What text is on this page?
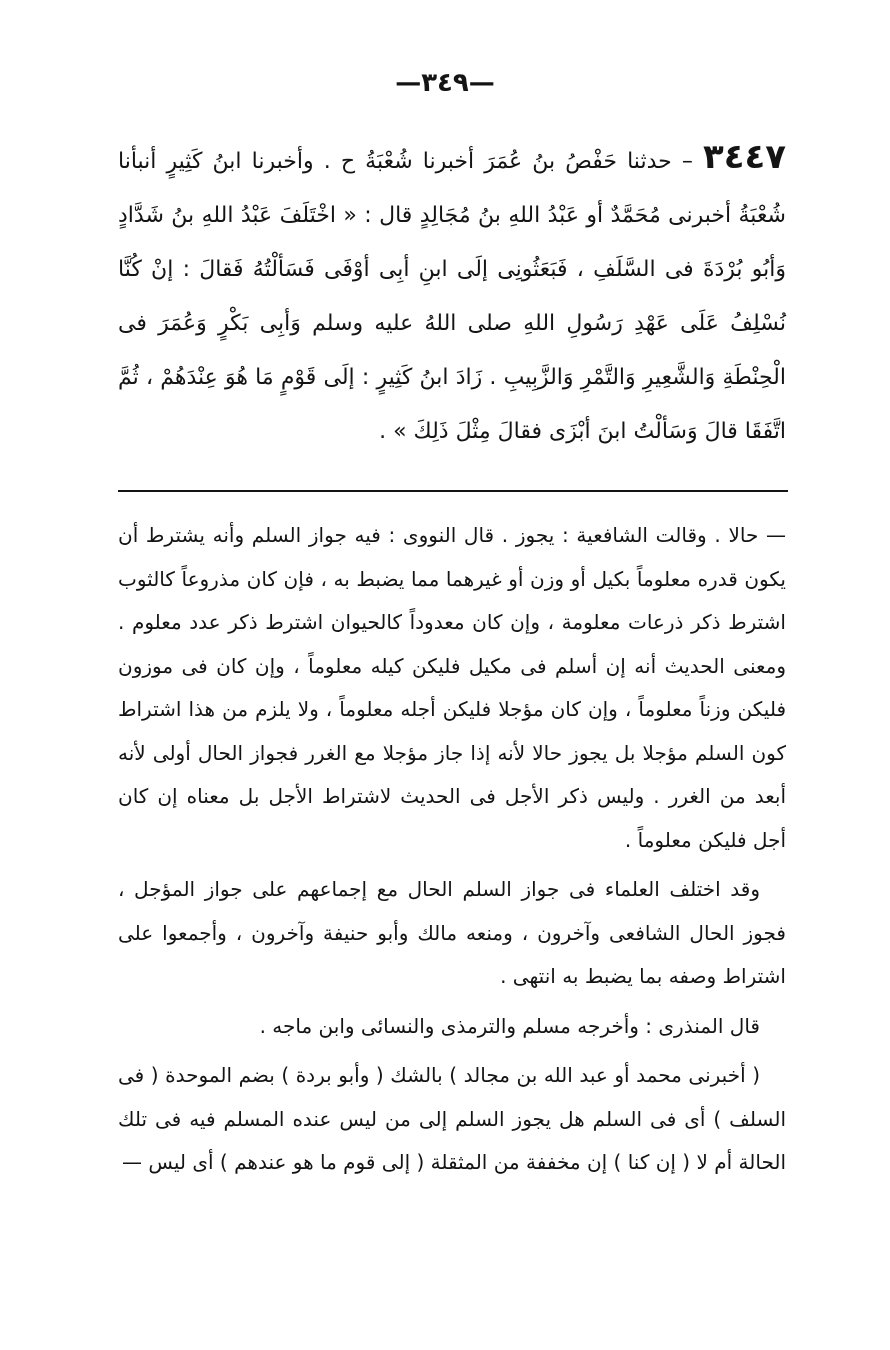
—٣٤٩—
٣٤٤٧ – حدثنا حَفْصُ بنُ عُمَرَ أخبرنا شُعْبَةُ ح . وأخبرنا ابنُ كَثِيرٍ أنبأنا شُعْبَةُ أخبرنى مُحَمَّدٌ أو عَبْدُ اللهِ بنُ مُجَالِدٍ قال : « اخْتَلَفَ عَبْدُ اللهِ بنُ شَدَّادٍ وَأبُو بُرْدَةَ فى السَّلَفِ ، فَبَعَثُونِى إلَى ابنِ أبِى أوْفَى فَسَألْتُهُ فَقالَ : إنْ كُنَّا نُسْلِفُ عَلَى عَهْدِ رَسُولِ اللهِ صلى اللهُ عليه وسلم وَأبِى بَكْرٍ وَعُمَرَ فى الْحِنْطَةِ وَالشَّعِيرِ وَالتَّمْرِ وَالزَّبِيبِ . زَادَ ابنُ كَثِيرٍ : إلَى قَوْمٍ مَا هُوَ عِنْدَهُمْ ، ثُمَّ اتَّفَقَا قالَ وَسَألْتُ ابنَ أبْزَى فقالَ مِثْلَ ذَلِكَ » .

— حالا . وقالت الشافعية : يجوز . قال النووى : فيه جواز السلم وأنه يشترط أن يكون قدره معلوماً بكيل أو وزن أو غيرهما مما يضبط به ، فإن كان مذروعاً كالثوب اشترط ذكر ذرعات معلومة ، وإن كان معدوداً كالحيوان اشترط ذكر عدد معلوم . ومعنى الحديث أنه إن أسلم فى مكيل فليكن كيله معلوماً ، وإن كان فى موزون فليكن وزناً معلوماً ، وإن كان مؤجلا فليكن أجله معلوماً ، ولا يلزم من هذا اشتراط كون السلم مؤجلا بل يجوز حالا لأنه إذا جاز مؤجلا مع الغرر فجواز الحال أولى لأنه أبعد من الغرر . وليس ذكر الأجل فى الحديث لاشتراط الأجل بل معناه إن كان أجل فليكن معلوماً .

وقد اختلف العلماء فى جواز السلم الحال مع إجماعهم على جواز المؤجل ، فجوز الحال الشافعى وآخرون ، ومنعه مالك وأبو حنيفة وآخرون ، وأجمعوا على اشتراط وصفه بما يضبط به انتهى .

قال المنذرى : وأخرجه مسلم والترمذى والنسائى وابن ماجه .

( أخبرنى محمد أو عبد الله بن مجالد ) بالشك ( وأبو بردة ) بضم الموحدة ( فى السلف ) أى فى السلم هل يجوز السلم إلى من ليس عنده المسلم فيه فى تلك الحالة أم لا ( إن كنا ) إن مخففة من المثقلة ( إلى قوم ما هو عندهم ) أى ليس —
